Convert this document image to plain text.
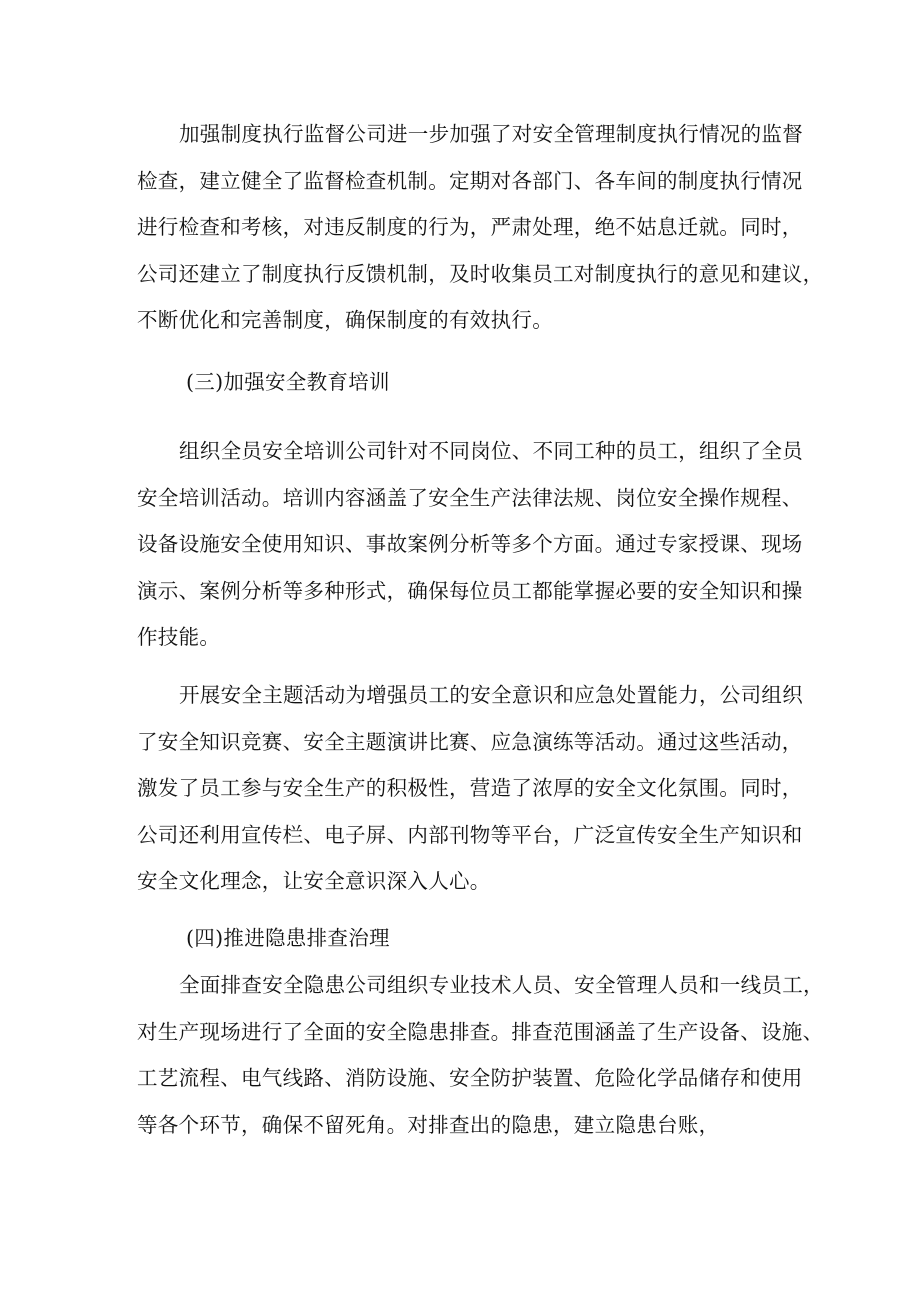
加强制度执行监督公司进一步加强了对安全管理制度执行情况的监督
检查，建立健全了监督检查机制。定期对各部门、各车间的制度执行情况
进行检查和考核，对违反制度的行为，严肃处理，绝不姑息迁就。同时，
公司还建立了制度执行反馈机制，及时收集员工对制度执行的意见和建议，
不断优化和完善制度，确保制度的有效执行。
(三)加强安全教育培训
组织全员安全培训公司针对不同岗位、不同工种的员工，组织了全员
安全培训活动。培训内容涵盖了安全生产法律法规、岗位安全操作规程、
设备设施安全使用知识、事故案例分析等多个方面。通过专家授课、现场
演示、案例分析等多种形式，确保每位员工都能掌握必要的安全知识和操
作技能。
开展安全主题活动为增强员工的安全意识和应急处置能力，公司组织
了安全知识竞赛、安全主题演讲比赛、应急演练等活动。通过这些活动，
激发了员工参与安全生产的积极性，营造了浓厚的安全文化氛围。同时，
公司还利用宣传栏、电子屏、内部刊物等平台，广泛宣传安全生产知识和
安全文化理念，让安全意识深入人心。
(四)推进隐患排查治理
全面排查安全隐患公司组织专业技术人员、安全管理人员和一线员工，
对生产现场进行了全面的安全隐患排查。排查范围涵盖了生产设备、设施、
工艺流程、电气线路、消防设施、安全防护装置、危险化学品储存和使用
等各个环节，确保不留死角。对排查出的隐患，建立隐患台账，
